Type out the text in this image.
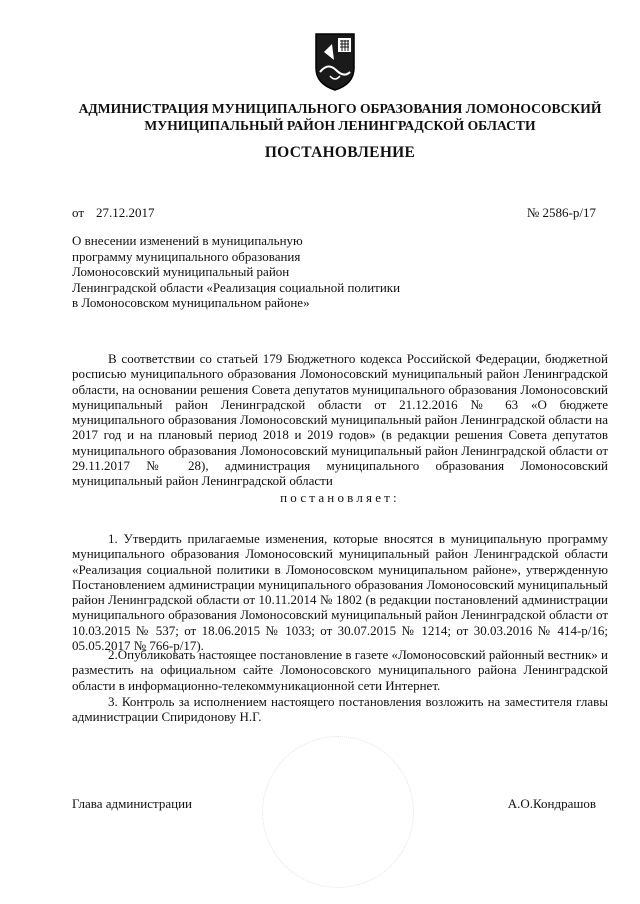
АДМИНИСТРАЦИЯ МУНИЦИПАЛЬНОГО ОБРАЗОВАНИЯ ЛОМОНОСОВСКИЙ
МУНИЦИПАЛЬНЫЙ РАЙОН ЛЕНИНГРАДСКОЙ ОБЛАСТИ
ПОСТАНОВЛЕНИЕ
от 27.12.2017	№ 2586-р/17
О внесении изменений в муниципальную
программу муниципального образования
Ломоносовский муниципальный район
Ленинградской области «Реализация социальной политики
в Ломоносовском муниципальном районе»
В соответствии со статьей 179 Бюджетного кодекса Российской Федерации, бюджетной росписью муниципального образования Ломоносовский муниципальный район Ленинградской области, на основании решения Совета депутатов муниципального образования Ломоносовский муниципальный район Ленинградской области от 21.12.2016 № 63 «О бюджете муниципального образования Ломоносовский муниципальный район Ленинградской области на 2017 год и на плановый период 2018 и 2019 годов» (в редакции решения Совета депутатов муниципального образования Ломоносовский муниципальный район Ленинградской области от 29.11.2017 № 28), администрация муниципального образования Ломоносовский муниципальный район Ленинградской области
постановляет:
1. Утвердить прилагаемые изменения, которые вносятся в муниципальную программу муниципального образования Ломоносовский муниципальный район Ленинградской области «Реализация социальной политики в Ломоносовском муниципальном районе», утвержденную Постановлением администрации муниципального образования Ломоносовский муниципальный район Ленинградской области от 10.11.2014 № 1802 (в редакции постановлений администрации муниципального образования Ломоносовский муниципальный район Ленинградской области от 10.03.2015 № 537; от 18.06.2015 № 1033; от 30.07.2015 № 1214; от 30.03.2016 № 414-р/16; 05.05.2017 № 766-р/17).
2.Опубликовать настоящее постановление в газете «Ломоносовский районный вестник» и разместить на официальном сайте Ломоносовского муниципального района Ленинградской области в информационно-телекоммуникационной сети Интернет.
3. Контроль за исполнением настоящего постановления возложить на заместителя главы администрации Спиридонову Н.Г.
Глава администрации	А.О.Кондрашов
